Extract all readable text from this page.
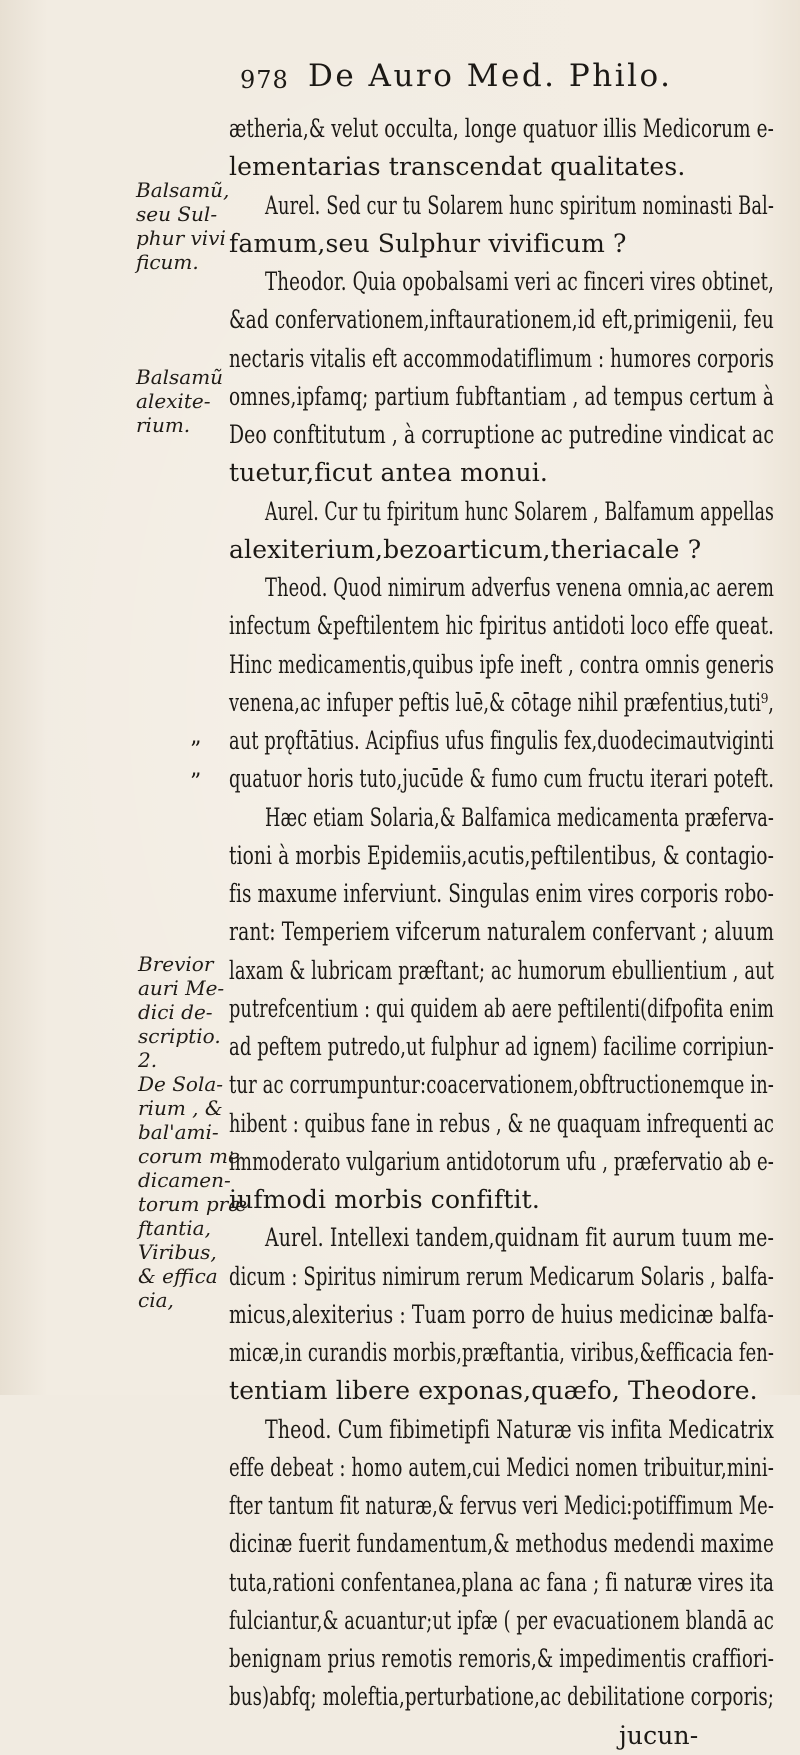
978 De Auro Med. Philo.
Balsamũ,
seu Sul-
phur vivi
ficum.
Balsamũ
alexite-
rium.
”
”
Brevior
auri Me-
dici de-
scriptio.
2.
De Sola-
rium , &
bal'ami-
corum me
dicamen-
torum præ
ftantia,
Viribus,
& effica
cia,
ætheria,& velut occulta, longe quatuor illis Medicorum e-
lementarias transcendat qualitates.
Aurel. Sed cur tu Solarem hunc spiritum nominasti Bal-
famum,seu Sulphur vivificum ?
Theodor. Quia opobalsami veri ac finceri vires obtinet,
&ad confervationem,inftaurationem,id eft,primigenii, feu
nectaris vitalis eft accommodatiflimum : humores corporis
omnes,ipfamq; partium fubftantiam , ad tempus certum à
Deo conftitutum , à corruptione ac putredine vindicat ac
tuetur,ficut antea monui.
Aurel. Cur tu fpiritum hunc Solarem , Balfamum appellas
alexiterium,bezoarticum,theriacale ?
Theod. Quod nimirum adverfus venena omnia,ac aerem
infectum &peftilentem hic fpiritus antidoti loco effe queat.
Hinc medicamentis,quibus ipfe ineft , contra omnis generis
venena,ac infuper peftis luē,& cōtage nihil præfentius,tuti⁹,
aut prǫftātius. Acipfius ufus fingulis fex,duodecimautviginti
quatuor horis tuto,jucūde & fumo cum fructu iterari poteft.
Hæc etiam Solaria,& Balfamica medicamenta præferva-
tioni à morbis Epidemiis,acutis,peftilentibus, & contagio-
fis maxume inferviunt. Singulas enim vires corporis robo-
rant: Temperiem vifcerum naturalem confervant ; aluum
laxam & lubricam præftant; ac humorum ebullientium , aut
putrefcentium : qui quidem ab aere peftilenti(difpofita enim
ad peftem putredo,ut fulphur ad ignem) facilime corripiun-
tur ac corrumpuntur:coacervationem,obftructionemque in-
hibent : quibus fane in rebus , & ne quaquam infrequenti ac
immoderato vulgarium antidotorum ufu , præfervatio ab e-
iufmodi morbis confiftit.
Aurel. Intellexi tandem,quidnam fit aurum tuum me-
dicum : Spiritus nimirum rerum Medicarum Solaris , balfa-
micus,alexiterius : Tuam porro de huius medicinæ balfa-
micæ,in curandis morbis,præftantia, viribus,&efficacia fen-
tentiam libere exponas,quæfo, Theodore.
Theod. Cum fibimetipfi Naturæ vis infita Medicatrix
effe debeat : homo autem,cui Medici nomen tribuitur,mini-
fter tantum fit naturæ,& fervus veri Medici:potiffimum Me-
dicinæ fuerit fundamentum,& methodus medendi maxime
tuta,rationi confentanea,plana ac fana ; fi naturæ vires ita
fulciantur,& acuantur;ut ipfæ ( per evacuationem blandā ac
benignam prius remotis remoris,& impedimentis craffiori-
bus)abfq; moleftia,perturbatione,ac debilitatione corporis;
jucun-
